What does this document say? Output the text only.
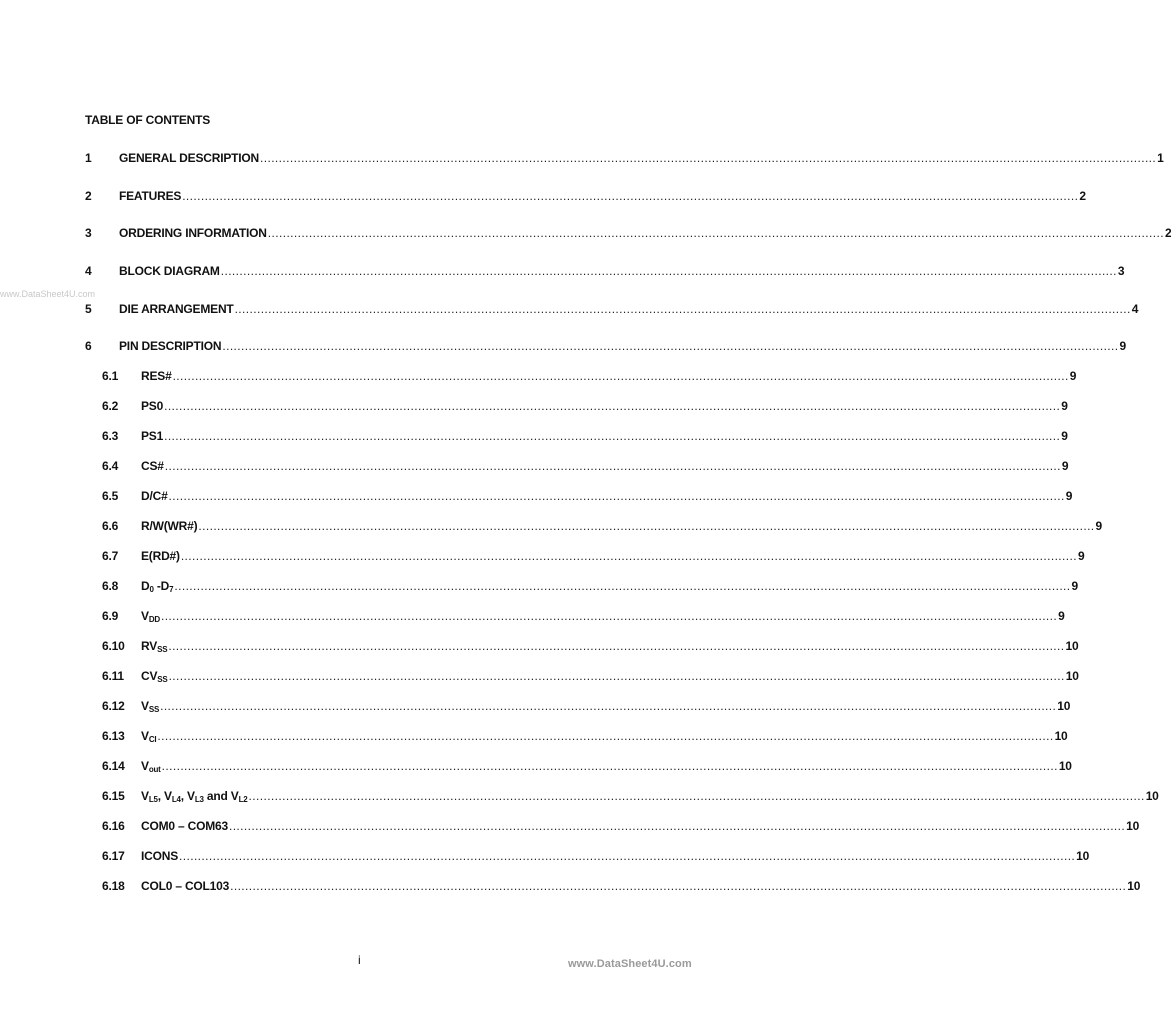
TABLE OF CONTENTS
1 GENERAL DESCRIPTION ................................................................................................................................................................................................................................................ 1
2 FEATURES ................................................................................................................................................................................................................................................ 2
3 ORDERING INFORMATION ................................................................................................................................................................................................................................................ 2
4 BLOCK DIAGRAM ................................................................................................................................................................................................................................................ 3
5 DIE ARRANGEMENT ................................................................................................................................................................................................................................................ 4
6 PIN DESCRIPTION ................................................................................................................................................................................................................................................ 9
6.1 RES# ................................................................................................................................................................................................................................................ 9
6.2 PS0 ................................................................................................................................................................................................................................................ 9
6.3 PS1 ................................................................................................................................................................................................................................................ 9
6.4 CS# ................................................................................................................................................................................................................................................ 9
6.5 D/C# ................................................................................................................................................................................................................................................ 9
6.6 R/W(WR#) ................................................................................................................................................................................................................................................ 9
6.7 E(RD#) ................................................................................................................................................................................................................................................ 9
6.8 $D_0$ $-D_7$ ................................................................................................................................................................................................................................................ 9
6.9 $V_{DD}$ ................................................................................................................................................................................................................................................ 9
6.10 $RV_{SS}$ ................................................................................................................................................................................................................................................ 10
6.11 $CV_{SS}$ ................................................................................................................................................................................................................................................ 10
6.12 $V_{SS}$ ................................................................................................................................................................................................................................................ 10
6.13 $V_{CI}$ ................................................................................................................................................................................................................................................ 10
6.14 $V_{out}$ ................................................................................................................................................................................................................................................ 10
6.15 $V_{L5}$, $V_{L4}$, $V_{L3}$ and $V_{L2}$ ................................................................................................................................................................................................................................................ 10
6.16 COM0 – COM63 ................................................................................................................................................................................................................................................ 10
6.17 ICONS ................................................................................................................................................................................................................................................ 10
6.18 COL0 – COL103 ................................................................................................................................................................................................................................................ 10
www.DataSheet4U.com
i	www.DataSheet4U.com
